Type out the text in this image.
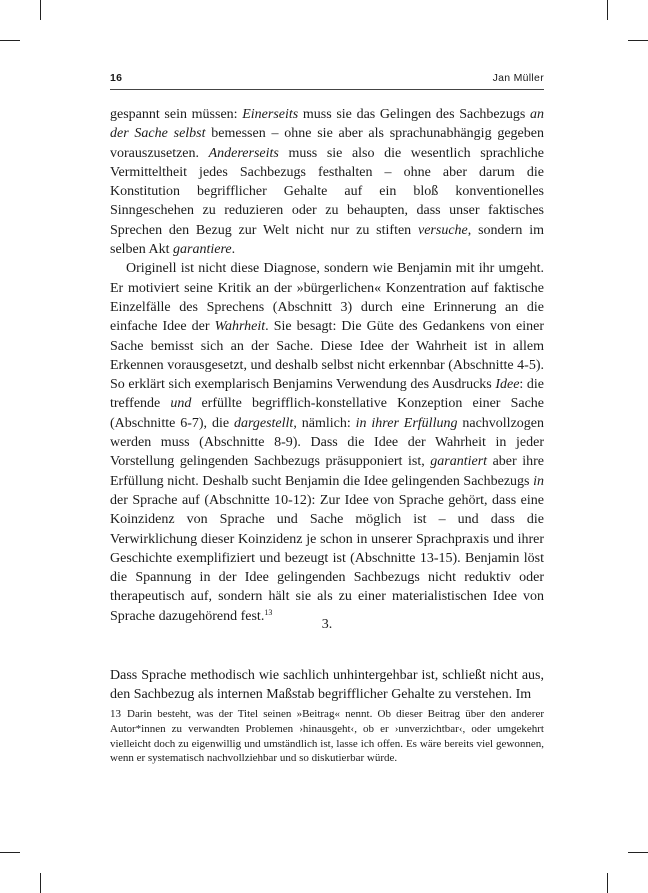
16	Jan Müller

gespannt sein müssen: Einerseits muss sie das Gelingen des Sachbezugs an der Sache selbst bemessen – ohne sie aber als sprachunabhängig gegeben vorauszusetzen. Andererseits muss sie also die wesentlich sprachliche Vermitteltheit jedes Sachbezugs festhalten – ohne aber darum die Konstitution begrifflicher Gehalte auf ein bloß konventionelles Sinngeschehen zu reduzieren oder zu behaupten, dass unser faktisches Sprechen den Bezug zur Welt nicht nur zu stiften versuche, sondern im selben Akt garantiere.

Originell ist nicht diese Diagnose, sondern wie Benjamin mit ihr umgeht. Er motiviert seine Kritik an der »bürgerlichen« Konzentration auf faktische Einzelfälle des Sprechens (Abschnitt 3) durch eine Erinnerung an die einfache Idee der Wahrheit. Sie besagt: Die Güte des Gedankens von einer Sache bemisst sich an der Sache. Diese Idee der Wahrheit ist in allem Erkennen vorausgesetzt, und deshalb selbst nicht erkennbar (Abschnitte 4-5). So erklärt sich exemplarisch Benjamins Verwendung des Ausdrucks Idee: die treffende und erfüllte begrifflich-konstellative Konzeption einer Sache (Abschnitte 6-7), die dargestellt, nämlich: in ihrer Erfüllung nachvollzogen werden muss (Abschnitte 8-9). Dass die Idee der Wahrheit in jeder Vorstellung gelingenden Sachbezugs präsupponiert ist, garantiert aber ihre Erfüllung nicht. Deshalb sucht Benjamin die Idee gelingenden Sachbezugs in der Sprache auf (Abschnitte 10-12): Zur Idee von Sprache gehört, dass eine Koinzidenz von Sprache und Sache möglich ist – und dass die Verwirklichung dieser Koinzidenz je schon in unserer Sprachpraxis und ihrer Geschichte exemplifiziert und bezeugt ist (Abschnitte 13-15). Benjamin löst die Spannung in der Idee gelingenden Sachbezugs nicht reduktiv oder therapeutisch auf, sondern hält sie als zu einer materialistischen Idee von Sprache dazugehörend fest.$^{13}$

3.

Dass Sprache methodisch wie sachlich unhintergehbar ist, schließt nicht aus, den Sachbezug als internen Maßstab begrifflicher Gehalte zu verstehen. Im

13 Darin besteht, was der Titel seinen »Beitrag« nennt. Ob dieser Beitrag über den anderer Autor*innen zu verwandten Problemen ›hinausgeht‹, ob er ›unverzichtbar‹, oder umgekehrt vielleicht doch zu eigenwillig und umständlich ist, lasse ich offen. Es wäre bereits viel gewonnen, wenn er systematisch nachvollziehbar und so diskutierbar würde.
